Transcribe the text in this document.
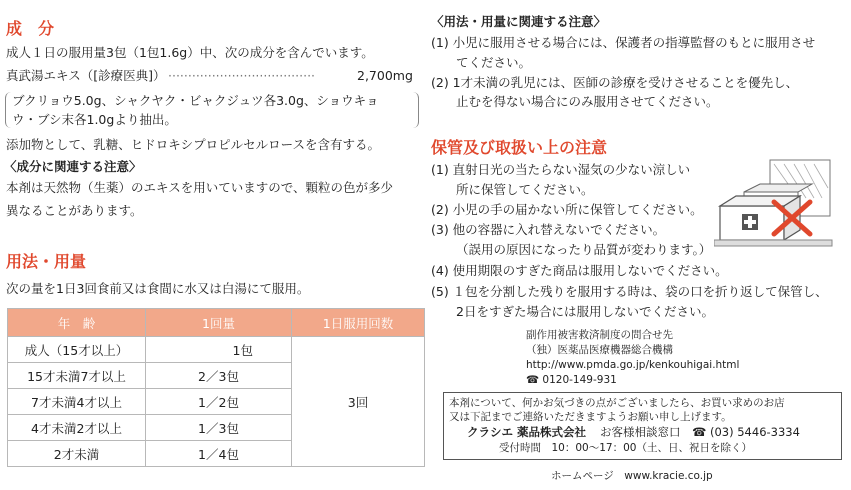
成　分
成人１日の服用量3包（1包1.6g）中、次の成分を含んでいます。
真武湯エキス（[診療医典]） ·····································	2,700mg
ブクリョウ5.0g、シャクヤク・ビャクジュツ各3.0g、ショウキョ
ウ・ブシ末各1.0gより抽出。
添加物として、乳糖、ヒドロキシプロピルセルロースを含有する。
〈成分に関連する注意〉
本剤は天然物（生薬）のエキスを用いていますので、顆粒の色が多少
異なることがあります。
用法・用量
次の量を1日3回食前又は食間に水又は白湯にて服用。
年　齢	1回量	1日服用回数
成人（15才以上）	1包	3回
15才未満7才以上	2／3包	
7才未満4才以上	1／2包	
4才未満2才以上	1／3包	
2才未満	1／4包	
〈用法・用量に関連する注意〉
(1) 小児に服用させる場合には、保護者の指導監督のもとに服用させ
てください。
(2) 1才未満の乳児には、医師の診療を受けさせることを優先し、
止むを得ない場合にのみ服用させてください。
保管及び取扱い上の注意
(1) 直射日光の当たらない湿気の少ない涼しい
所に保管してください。
(2) 小児の手の届かない所に保管してください。
(3) 他の容器に入れ替えないでください。
（誤用の原因になったり品質が変わります。）
(4) 使用期限のすぎた商品は服用しないでください。
(5) １包を分割した残りを服用する時は、袋の口を折り返して保管し、
2日をすぎた場合には服用しないでください。
副作用被害救済制度の問合せ先
（独）医薬品医療機器総合機構
http://www.pmda.go.jp/kenkouhigai.html
☎ 0120-149-931
本剤について、何かお気づきの点がございましたら、お買い求めのお店
又は下記までご連絡いただきますようお願い申し上げます。
クラシエ 薬品株式会社 お客様相談窓口 ☎ (03) 5446-3334
受付時間　10：00～17：00（土、日、祝日を除く）
ホームページ　www.kracie.co.jp
